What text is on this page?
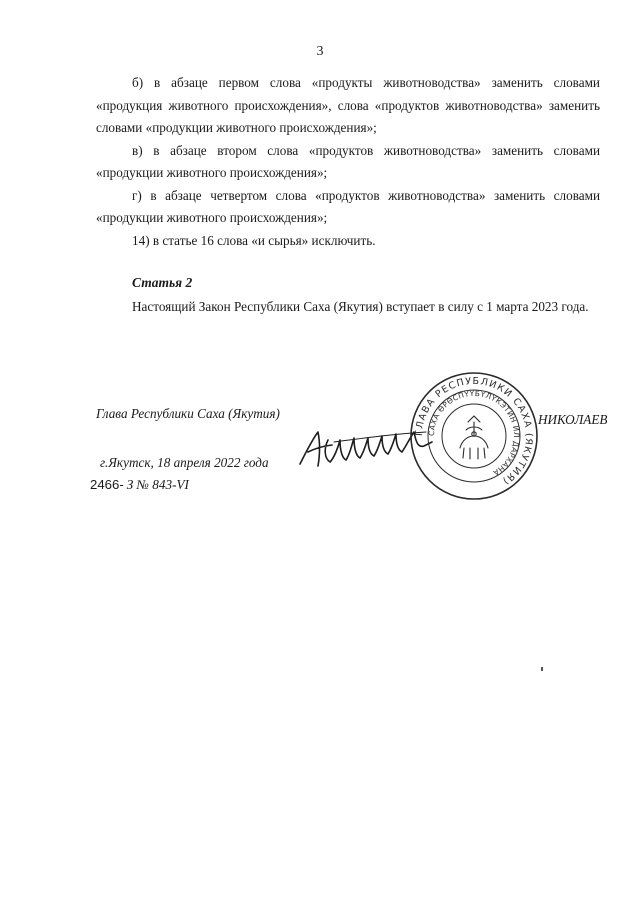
3

б) в абзаце первом слова «продукты животноводства» заменить словами «продукция животного происхождения», слова «продуктов животноводства» заменить словами «продукции животного происхождения»;

в) в абзаце втором слова «продуктов животноводства» заменить словами «продукции животного происхождения»;

г) в абзаце четвертом слова «продуктов животноводства» заменить словами «продукции животного происхождения»;

14) в статье 16 слова «и сырья» исключить.

Статья 2
Настоящий Закон Республики Саха (Якутия) вступает в силу с 1 марта 2023 года.
Глава Республики Саха (Якутия)
ГЛАВА РЕСПУБЛИКИ САХА (ЯКУТИЯ)
САХА ӨРӨСПҮҮБҮЛҮКЭТИН ИЛ ДАРХАНА
НИКОЛАЕВ
г.Якутск, 18 апреля 2022 года
2466- З № 843-VI
